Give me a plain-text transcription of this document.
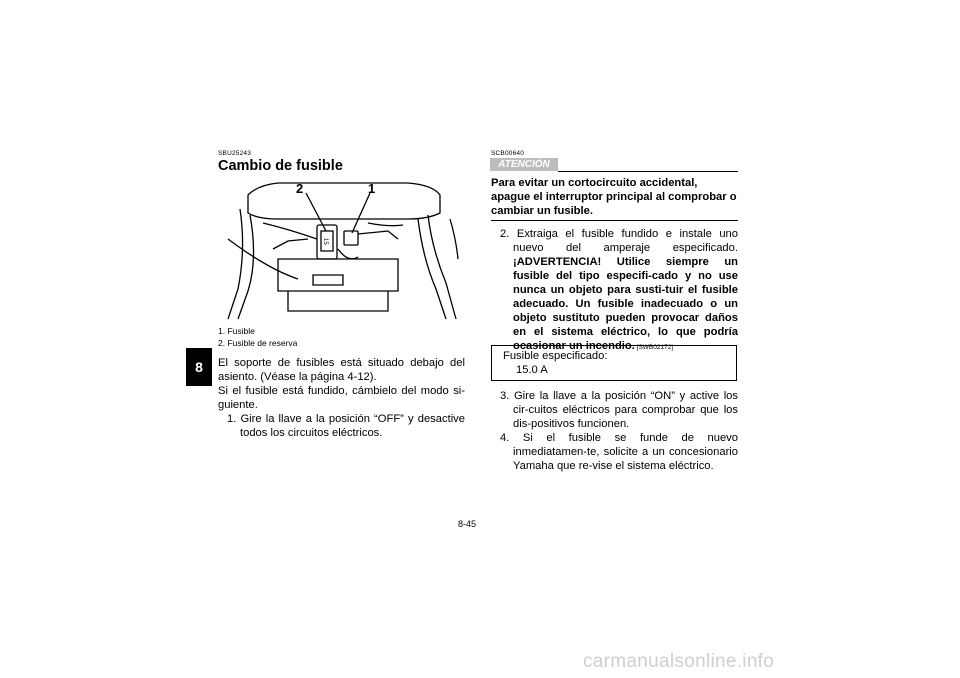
8
SBU25243
Cambio de fusible
15
2	1
1. Fusible
2. Fusible de reserva
El soporte de fusibles está situado debajo del asiento. (Véase la página 4-12).
Si el fusible está fundido, cámbielo del modo si-guiente.
1. Gire la llave a la posición “OFF” y desactive todos los circuitos eléctricos.
SCB00640
ATENCIÓN
Para evitar un cortocircuito accidental, apague el interruptor principal al comprobar o cambiar un fusible.
2. Extraiga el fusible fundido e instale uno nuevo del amperaje especificado. ¡ADVERTENCIA! Utilice siempre un fusible del tipo especifi-cado y no use nunca un objeto para susti-tuir el fusible adecuado. Un fusible inadecuado o un objeto sustituto pueden provocar daños en el sistema eléctrico, lo que podría ocasionar un incendio. [SWB02172]
Fusible especificado:
15.0 A
3. Gire la llave a la posición “ON” y active los cir-cuitos eléctricos para comprobar que los dis-positivos funcionen.
4. Si el fusible se funde de nuevo inmediatamen-te, solicite a un concesionario Yamaha que re-vise el sistema eléctrico.
8-45
carmanualsonline.info
